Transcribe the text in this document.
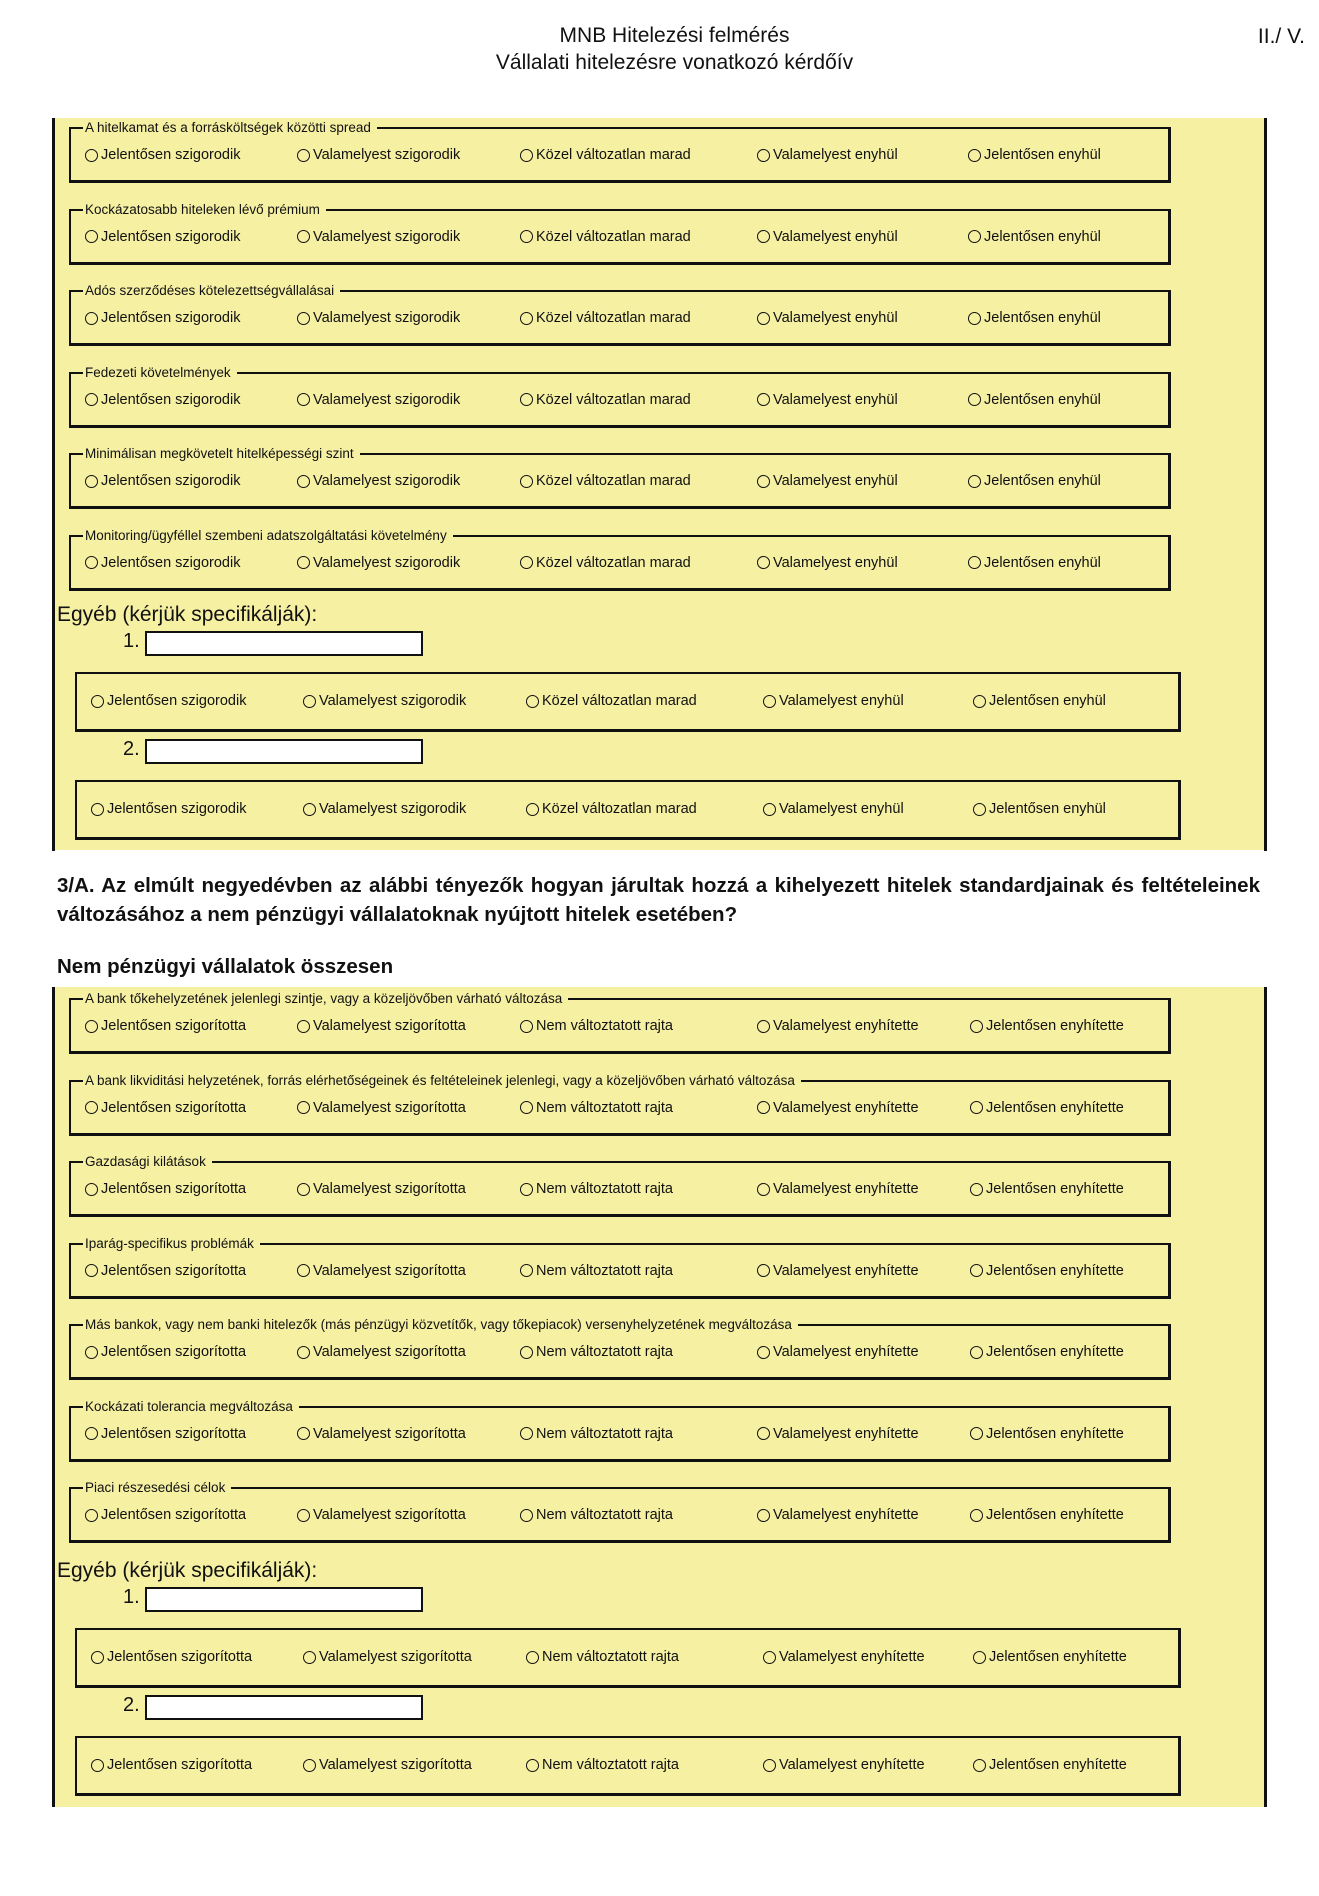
MNB Hitelezési felmérés
Vállalati hitelezésre vonatkozó kérdőív
II./ V.
A hitelkamat és a forrásköltségek közötti spread
Jelentősen szigorodik	Valamelyest szigorodik	Közel változatlan marad	Valamelyest enyhül	Jelentősen enyhül
Kockázatosabb hiteleken lévő prémium
Jelentősen szigorodik	Valamelyest szigorodik	Közel változatlan marad	Valamelyest enyhül	Jelentősen enyhül
Adós szerződéses kötelezettségvállalásai
Jelentősen szigorodik	Valamelyest szigorodik	Közel változatlan marad	Valamelyest enyhül	Jelentősen enyhül
Fedezeti követelmények
Jelentősen szigorodik	Valamelyest szigorodik	Közel változatlan marad	Valamelyest enyhül	Jelentősen enyhül
Minimálisan megkövetelt hitelképességi szint
Jelentősen szigorodik	Valamelyest szigorodik	Közel változatlan marad	Valamelyest enyhül	Jelentősen enyhül
Monitoring/ügyféllel szembeni adatszolgáltatási követelmény
Jelentősen szigorodik	Valamelyest szigorodik	Közel változatlan marad	Valamelyest enyhül	Jelentősen enyhül
Egyéb (kérjük specifikálják):
1.
Jelentősen szigorodik	Valamelyest szigorodik	Közel változatlan marad	Valamelyest enyhül	Jelentősen enyhül
2.
Jelentősen szigorodik	Valamelyest szigorodik	Közel változatlan marad	Valamelyest enyhül	Jelentősen enyhül
3/A. Az elmúlt negyedévben az alábbi tényezők hogyan járultak hozzá a kihelyezett hitelek standardjainak és feltételeinek változásához a nem pénzügyi vállalatoknak nyújtott hitelek esetében?
Nem pénzügyi vállalatok összesen
A bank tőkehelyzetének jelenlegi szintje, vagy a közeljövőben várható változása
Jelentősen szigorította	Valamelyest szigorította	Nem változtatott rajta	Valamelyest enyhítette	Jelentősen enyhítette
A bank likviditási helyzetének, forrás elérhetőségeinek és feltételeinek jelenlegi, vagy a közeljövőben várható változása
Jelentősen szigorította	Valamelyest szigorította	Nem változtatott rajta	Valamelyest enyhítette	Jelentősen enyhítette
Gazdasági kilátások
Jelentősen szigorította	Valamelyest szigorította	Nem változtatott rajta	Valamelyest enyhítette	Jelentősen enyhítette
Iparág-specifikus problémák
Jelentősen szigorította	Valamelyest szigorította	Nem változtatott rajta	Valamelyest enyhítette	Jelentősen enyhítette
Más bankok, vagy nem banki hitelezők (más pénzügyi közvetítők, vagy tőkepiacok) versenyhelyzetének megváltozása
Jelentősen szigorította	Valamelyest szigorította	Nem változtatott rajta	Valamelyest enyhítette	Jelentősen enyhítette
Kockázati tolerancia megváltozása
Jelentősen szigorította	Valamelyest szigorította	Nem változtatott rajta	Valamelyest enyhítette	Jelentősen enyhítette
Piaci részesedési célok
Jelentősen szigorította	Valamelyest szigorította	Nem változtatott rajta	Valamelyest enyhítette	Jelentősen enyhítette
Egyéb (kérjük specifikálják):
1.
Jelentősen szigorította	Valamelyest szigorította	Nem változtatott rajta	Valamelyest enyhítette	Jelentősen enyhítette
2.
Jelentősen szigorította	Valamelyest szigorította	Nem változtatott rajta	Valamelyest enyhítette	Jelentősen enyhítette
